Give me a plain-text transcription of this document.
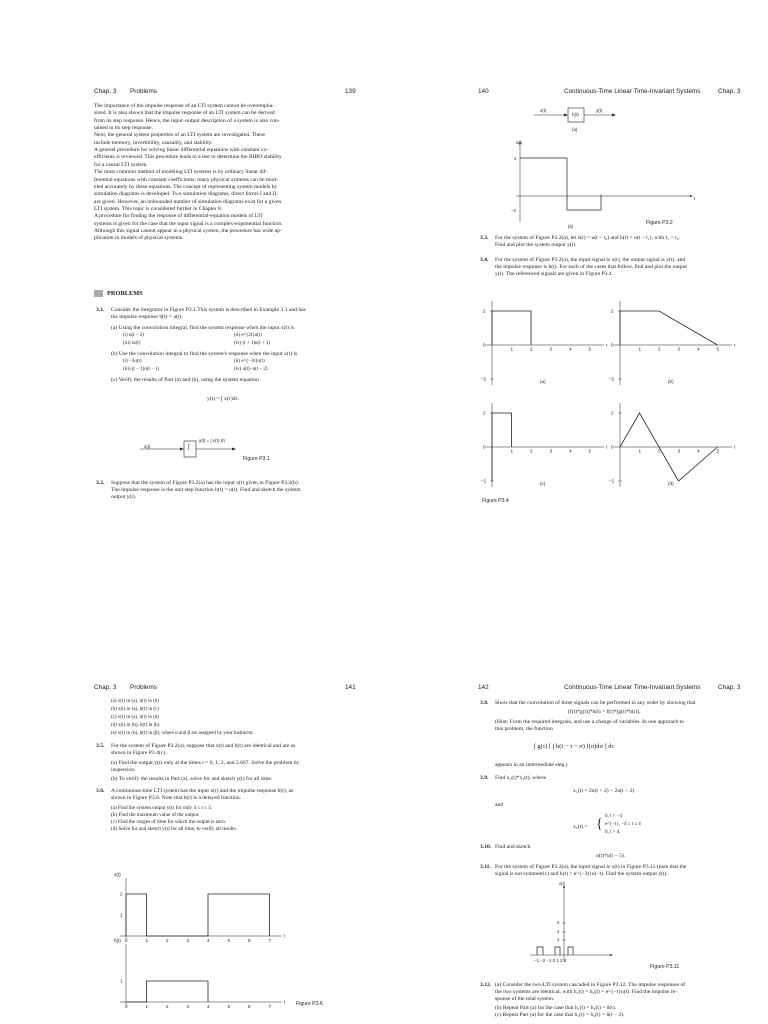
Chap. 3 Problems	139
The importance of the impulse response of an LTI system cannot be overempha-
sized. It is also shown that the impulse response of an LTI system can be derived
from its step response. Hence, the input–output description of a system is also con-
tained in its step response.
Next, the general system properties of an LTI system are investigated. These
include memory, invertibility, causality, and stability.
A general procedure for solving linear differential equations with constant co-
efficients is reviewed. This procedure leads to a test to determine the BIBO stability
for a causal LTI system.
The most common method of modeling LTI systems is by ordinary linear dif-
ferential equations with constant coefficients; many physical systems can be mod-
eled accurately by these equations. The concept of representing system models by
simulation diagrams is developed. Two simulation diagrams, direct forms I and II,
are given. However, an unbounded number of simulation diagrams exist for a given
LTI system. This topic is considered further in Chapter 8.
A procedure for finding the response of differential-equation models of LTI
systems is given for the case that the input signal is a complex-exponential function.
Although this signal cannot appear in a physical system, the procedure has wide ap-
plication in models of physical systems.
PROBLEMS
3.1. Consider the integrator in Figure P3.1.This system is described in Example 3.1 and has
the impulse response h(t) = u(t).
(a) Using the convolution integral, find the system response when the input x(t) is
(i) u(t − 2)	(ii) e^{2t}u(t)
(iii) tu(t)	(iv) (t + 1)u(t + 1)
(b) Use the convolution integral to find the system's response when the input x(t) is
(i) −3u(t)	(ii) e^{−3t}u(t)
(iii) (t − 1)u(t − 1)	(iv) u(t)−u(t − 2)
(c) Verify the results of Part (a) and (b), using the system equation
y(t) = ∫ x(τ)dτ.
x(t)	∫
y(t) = ∫ x(τ) dτ
Figure P3.1
3.2. Suppose that the system of Figure P3.2(a) has the input x(t) given in Figure P3.2(b).
The impulse response is the unit step function h(t) = u(t). Find and sketch the system
output y(t).
140	Continuous-Time Linear Time-Invariant Systems	Chap. 3
x(t)
h(t)
y(t)
(a)
x(t)
2
−1
t
(b)
Figure P3.2
3.3. For the system of Figure P3.2(a), let x(t) = u(t − t₀) and h(t) = u(t − t₁), with t₁ > t₀.
Find and plot the system output y(t).
3.4. For the system of Figure P3.2(a), the input signal is x(t), the output signal is y(t), and
the impulse response is h(t). For each of the cases that follow, find and plot the output
y(t). The referenced signals are given in Figure P3.4.
2
−2
0	t
1	2	3	4	5
(a)
2
−2
0	t
1	2	3	4	5
(b)
2
−2
0	t
1	2	3	4	5
(c)
2
−2
0	t
1	2	3	4	5
(d)
Figure P3.4
Chap. 3 Problems	141
(a) x(t) in (a), h(t) in (b)
(b) x(t) in (a), h(t) in (c)
(c) x(t) in (a), h(t) in (d)
(d) x(t) in (b), h(t) in (b)
(e) x(t) in (b), h(t) in (β), where α and β are assigned by your instructor.
3.5. For the system of Figure P3.2(a), suppose that x(t) and h(t) are identical and are as
shown in Figure P3.4(c).
(a) Find the output y(t) only at the times t = 0, 1, 2, and 2.667. Solve the problem by
inspection.
(b) To verify the results in Part (a), solve for and sketch y(t) for all time.
3.6. A continuous-time LTI system has the input x(t) and the impulse response h(t), as
shown in Figure P3.6. Note that h(t) is a delayed function.
(a) Find the system output y(t) for only 4 ≤ t ≤ 5.
(b) Find the maximum value of the output.
(c) Find the ranges of time for which the output is zero.
(d) Solve for and sketch y(t) for all time, to verify all results.
x(t)
t
2
1
0	1	2	3	4	5	6	7
h(t)
t
1
0	1	2	3	4	5	6	7	Figure P3.6
142	Continuous-Time Linear Time-Invariant Systems	Chap. 3
3.8. Show that the convolution of three signals can be performed in any order by showing that
[f(t)*g(t)]*h(t) = f(t)*[g(t)*h(t)].
(Hint: Form the required integrals, and use a change of variables. In one approach to
this problem, the function
∫ g(τ) [ ∫ h(t − τ − σ) f(σ)dσ ] dτ
appears in an intermediate step.)
3.9. Find x₁(t)*x₂(t), where
x₁(t) = 2u(t + 2) − 2u(t − 2)
and
x₂(t) = {
0, t < −4
e^{−t}, −4 ≤ t ≤ 4
0, t > 4.
3.10. Find and sketch
u(t)*u(t − 5).
3.11. For the system of Figure P3.2(a), the input signal is x(t) in Figure P3.11 (note that the
signal is not symmetric) and h(t) = e^{−3t}u(−t). Find the system output y(t).
x(t)
3
2
1
−1 −2 −1 0 1 2 3
Figure P3.11
3.12. (a) Consider the two-LTI system cascaded in Figure P3.12. The impulse responses of
the two systems are identical, with h₁(t) = h₂(t) = e^{−t}u(t). Find the impulse re-
sponse of the total system.
(b) Repeat Part (a) for the case that h₁(t) = h₂(t) = δ(t).
(c) Repeat Part (a) for the case that h₁(t) = h₂(t) = δ(t − 2).
